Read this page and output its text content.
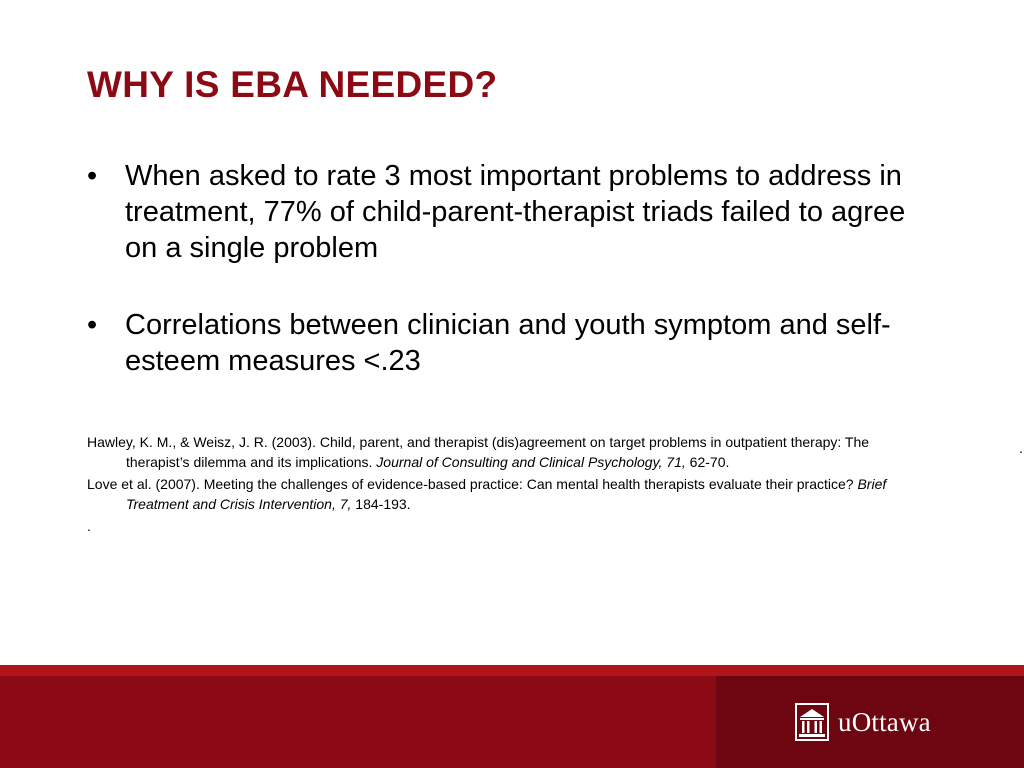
WHY IS EBA NEEDED?
• When asked to rate 3 most important problems to address in treatment, 77% of child-parent-therapist triads failed to agree on a single problem
• Correlations between clinician and youth symptom and self-esteem measures <.23

Hawley, K. M., & Weisz, J. R. (2003). Child, parent, and therapist (dis)agreement on target problems in outpatient therapy: The therapist’s dilemma and its implications. Journal of Consulting and Clinical Psychology, 71, 62-70.

Love et al. (2007). Meeting the challenges of evidence-based practice: Can mental health therapists evaluate their practice? Brief Treatment and Crisis Intervention, 7, 184-193.

.

.
uOttawa
